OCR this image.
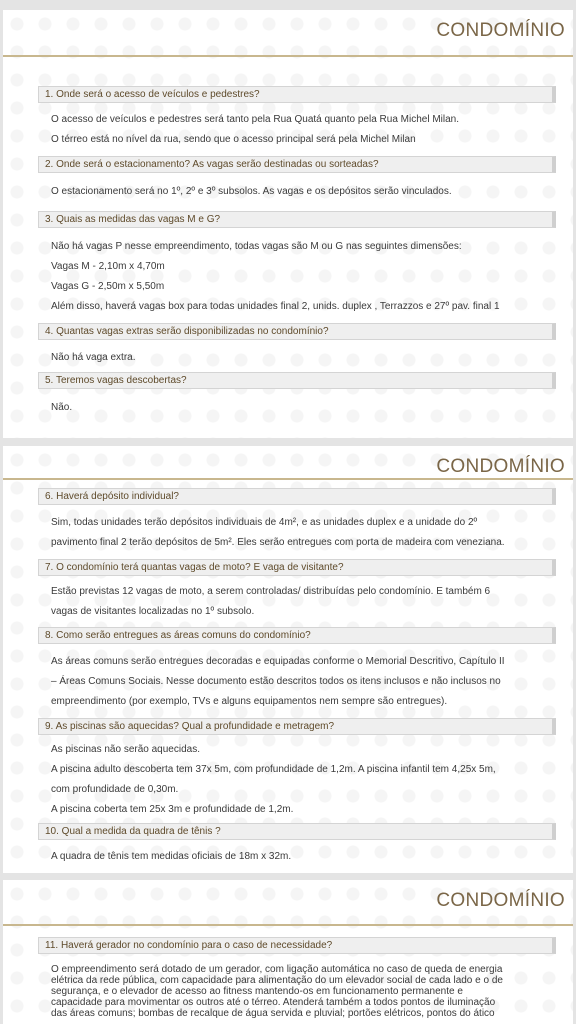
CONDOMÍNIO
1. Onde será o acesso de veículos e pedestres?
O acesso de veículos e pedestres será tanto pela Rua Quatá quanto pela Rua Michel Milan.
O térreo está no nível da rua, sendo que o acesso principal será pela Michel Milan
2. Onde será o estacionamento? As vagas serão destinadas ou sorteadas?
O estacionamento será no 1º, 2º e 3º subsolos. As vagas e os depósitos serão vinculados.
3. Quais as medidas das vagas M e G?
Não há vagas P nesse empreendimento, todas vagas são M ou G nas seguintes dimensões:
Vagas M - 2,10m x 4,70m
Vagas G - 2,50m x 5,50m
Além disso, haverá vagas box para todas unidades final 2, unids. duplex , Terrazzos e 27º pav. final 1
4. Quantas vagas extras serão disponibilizadas no condomínio?
Não há vaga extra.
5. Teremos vagas descobertas?
Não.
CONDOMÍNIO
6. Haverá depósito individual?
Sim, todas unidades terão depósitos individuais de 4m², e as unidades duplex e a unidade do 2º
pavimento final 2 terão depósitos de 5m². Eles serão entregues com porta de madeira com veneziana.
7. O condomínio terá quantas vagas de moto? E vaga de visitante?
Estão previstas 12 vagas de moto, a serem controladas/ distribuídas pelo condomínio. E também 6
vagas de visitantes localizadas no 1º subsolo.
8. Como serão entregues as áreas comuns do condomínio?
As áreas comuns serão entregues decoradas e equipadas conforme o Memorial Descritivo, Capítulo II
– Áreas Comuns Sociais. Nesse documento estão descritos todos os itens inclusos e não inclusos no
empreendimento (por exemplo, TVs e alguns equipamentos nem sempre são entregues).
9. As piscinas são aquecidas? Qual a profundidade e metragem?
As piscinas não serão aquecidas.
A piscina adulto descoberta tem 37x 5m, com profundidade de 1,2m. A piscina infantil tem 4,25x 5m,
com profundidade de 0,30m.
A piscina coberta tem 25x 3m e profundidade de 1,2m.
10. Qual a medida da quadra de tênis ?
A quadra de tênis tem medidas oficiais de 18m x 32m.
CONDOMÍNIO
11. Haverá gerador no condomínio para o caso de necessidade?
O empreendimento será dotado de um gerador, com ligação automática no caso de queda de energia
elétrica da rede pública, com capacidade para alimentação do um elevador social de cada lado e o de
segurança, e o elevador de acesso ao fitness mantendo-os em funcionamento permanente e
capacidade para movimentar os outros até o térreo. Atenderá também a todos pontos de iluminação
das áreas comuns; bombas de recalque de água servida e pluvial; portões elétricos, pontos do ático
